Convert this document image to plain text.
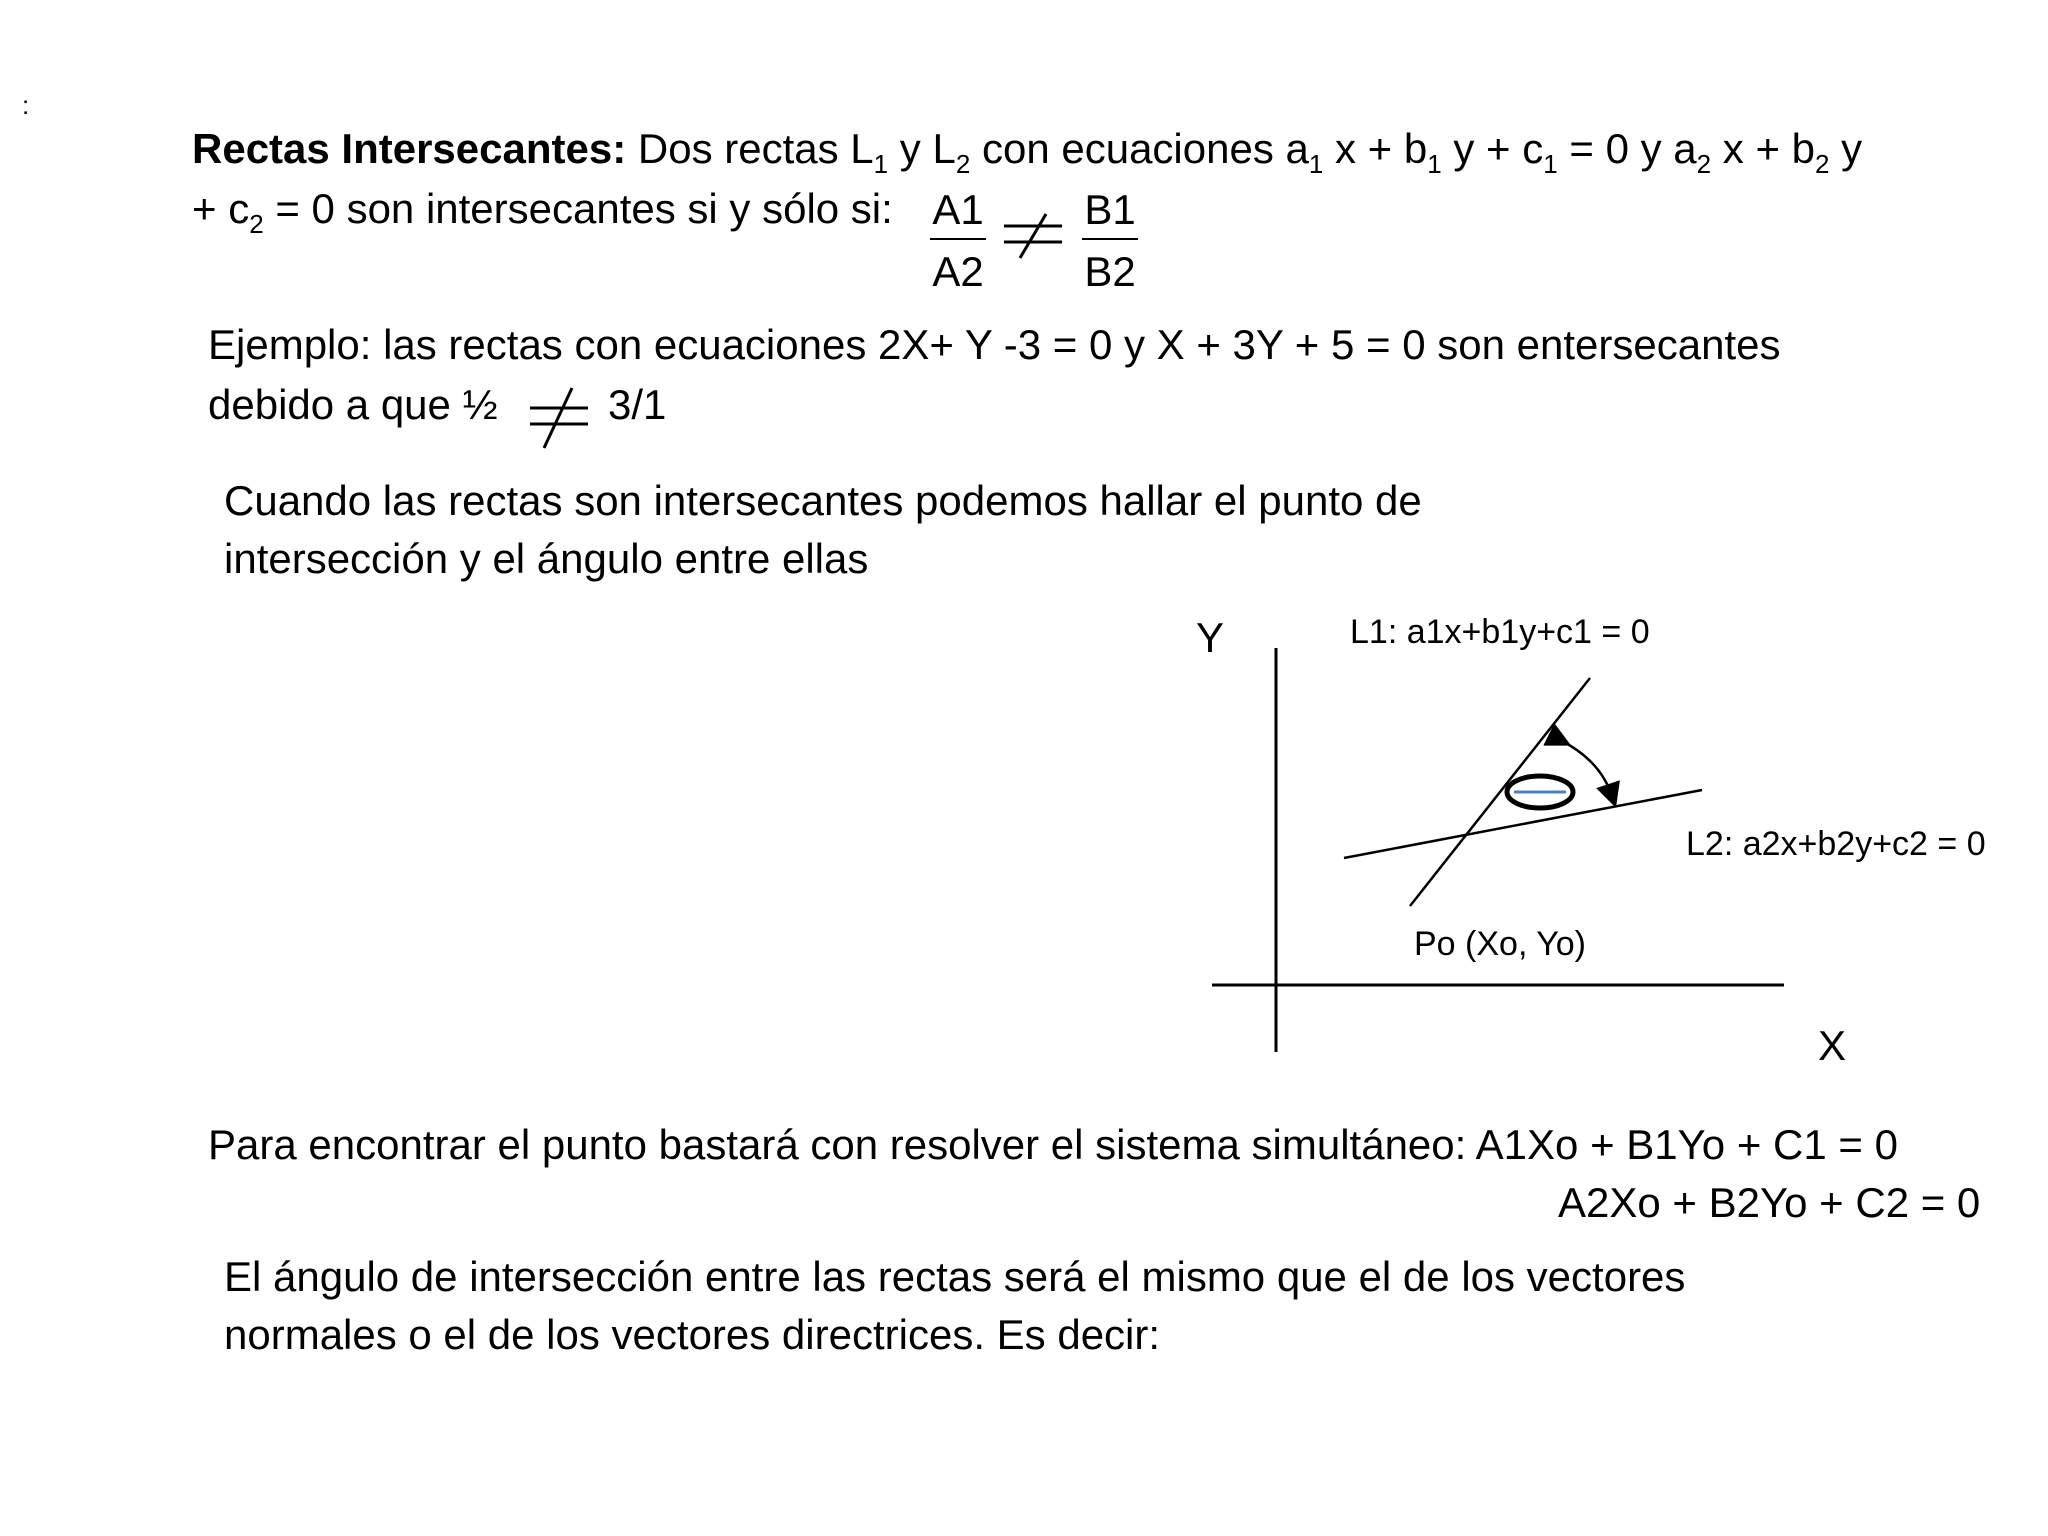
:

Rectas Intersecantes: Dos rectas $L_1$ y $L_2$ con ecuaciones $a_1$ $x + b_1$ $y + c_1 = 0$ y $a_2$ $x + b_2$ y

+ $c_2 = 0$ son intersecantes si y sólo si: $\frac{A1}{A2} \frac{B1}{B2}$

Ejemplo: las rectas con ecuaciones 2X+ Y -3 = 0 y X + 3Y + 5 = 0 son entersecantes

debido a que ½	3/1

Cuando las rectas son intersecantes podemos hallar el punto de

intersección y el ángulo entre ellas

Y
X
L1: a1x+b1y+c1 = 0
L2: a2x+b2y+c2 = 0
Po (Xo, Yo)

Para encontrar el punto bastará con resolver el sistema simultáneo: A1Xo + B1Yo + C1 = 0

A2Xo + B2Yo + C2 = 0

El ángulo de intersección entre las rectas será el mismo que el de los vectores

normales o el de los vectores directrices. Es decir:
